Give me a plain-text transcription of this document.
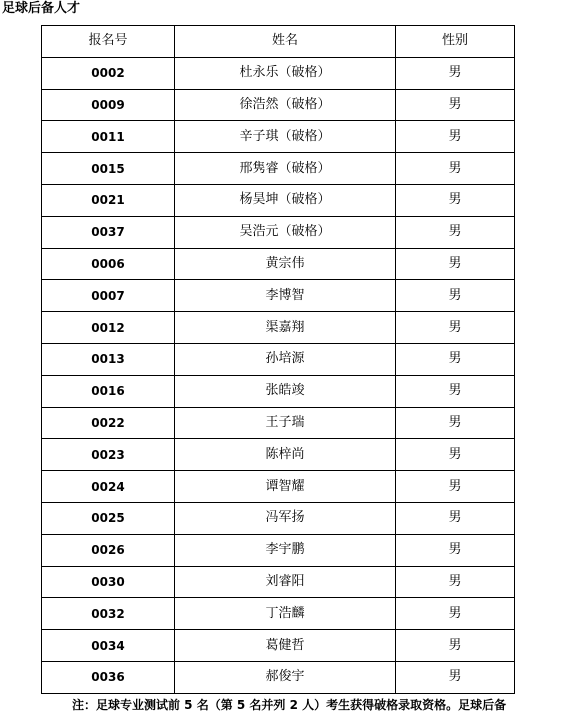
足球后备人才
报名号	姓名	性别
0002	杜永乐（破格）	男
0009	徐浩然（破格）	男
0011	辛子琪（破格）	男
0015	邢隽睿（破格）	男
0021	杨昊坤（破格）	男
0037	吴浩元（破格）	男
0006	黄宗伟	男
0007	李博智	男
0012	渠嘉翔	男
0013	孙培源	男
0016	张皓竣	男
0022	王子瑞	男
0023	陈梓尚	男
0024	谭智耀	男
0025	冯军扬	男
0026	李宇鹏	男
0030	刘睿阳	男
0032	丁浩麟	男
0034	葛健哲	男
0036	郝俊宇	男
注：足球专业测试前 5 名（第 5 名并列 2 人）考生获得破格录取资格。足球后备
